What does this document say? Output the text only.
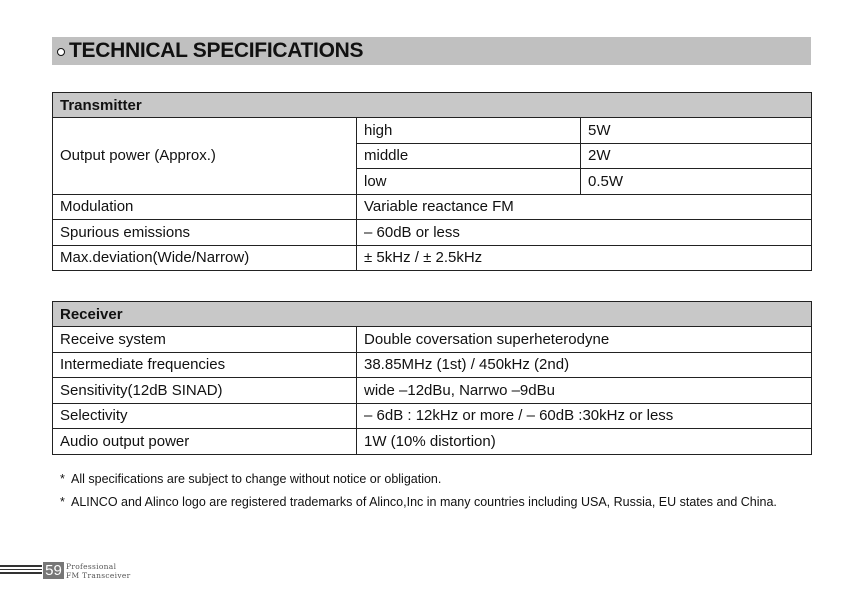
TECHNICAL SPECIFICATIONS
Transmitter		
Output power (Approx.)	high	5W
	middle	2W
	low	0.5W
Modulation	Variable reactance FM	
Spurious emissions	– 60dB or less	
Max.deviation(Wide/Narrow)	± 5kHz / ± 2.5kHz	
Receiver	
Receive system	Double coversation superheterodyne
Intermediate frequencies	38.85MHz (1st) / 450kHz (2nd)
Sensitivity(12dB SINAD)	wide –12dBu, Narrwo –9dBu
Selectivity	– 6dB : 12kHz or more / – 60dB :30kHz or less
Audio output power	1W (10% distortion)
* All specifications are subject to change without notice or obligation.
* ALINCO and Alinco logo are registered trademarks of Alinco,Inc in many countries including USA, Russia, EU states and China.
59 Professional
FM Transceiver
